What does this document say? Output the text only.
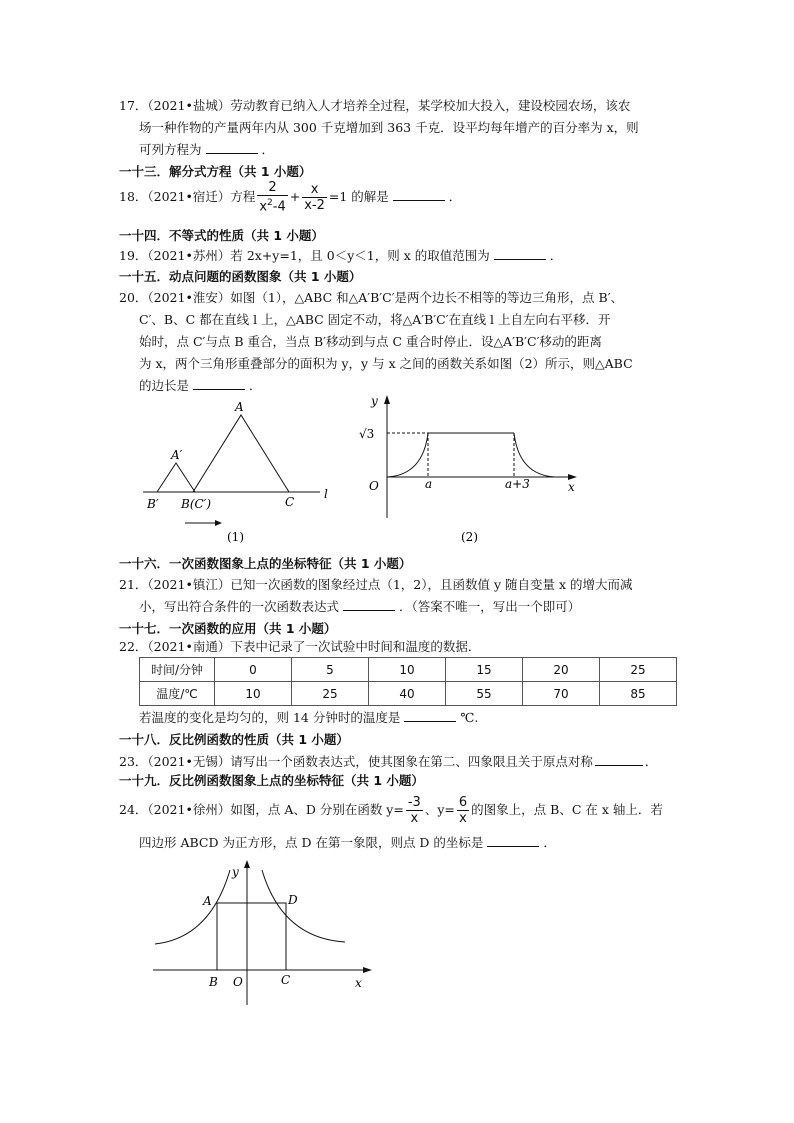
17．（2021•盐城）劳动教育已纳入人才培养全过程，某学校加大投入，建设校园农场，该农
场一种作物的产量两年内从 300 千克增加到 363 千克．设平均每年增产的百分率为 x，则
可列方程为	．
一十三．解分式方程（共 1 小题）
18．（2021•宿迁）方程 $\frac{2}{x^2-4} + \frac{x}{x-2} =1$ 的解是	．
一十四．不等式的性质（共 1 小题）
19．（2021•苏州）若 2x+y=1，且 0＜y＜1，则 x 的取值范围为	．
一十五．动点问题的函数图象（共 1 小题）
20．（2021•淮安）如图（1），△ABC 和△A′B′C′是两个边长不相等的等边三角形，点 B′、
C′、B、C 都在直线 l 上，△ABC 固定不动，将△A′B′C′在直线 l 上自左向右平移．开
始时，点 C′与点 B 重合，当点 B′移动到与点 C 重合时停止．设△A′B′C′移动的距离
为 x，两个三角形重叠部分的面积为 y，y 与 x 之间的函数关系如图（2）所示，则△ABC
的边长是	．
A
A′
B′ B(C′)	C
l
(1)
y
√3
O	a	a+3	x
(2)
一十六．一次函数图象上点的坐标特征（共 1 小题）
21．（2021•镇江）已知一次函数的图象经过点（1，2），且函数值 y 随自变量 x 的增大而减
小，写出符合条件的一次函数表达式	．（答案不唯一，写出一个即可）
一十七．一次函数的应用（共 1 小题）
22．（2021•南通）下表中记录了一次试验中时间和温度的数据．
时间/分钟	0	5	10	15	20	25
温度/℃	10	25	40	55	70	85
若温度的变化是均匀的，则 14 分钟时的温度是	℃.
一十八．反比例函数的性质（共 1 小题）
23．（2021•无锡）请写出一个函数表达式，使其图象在第二、四象限且关于原点对称	．
一十九．反比例函数图象上点的坐标特征（共 1 小题）
24．（2021•徐州）如图，点 A、D 分别在函数 $y= \frac{-3}{x}$ 、$y= \frac{6}{x}$ 的图象上，点 B、C 在 x 轴上．若
四边形 ABCD 为正方形，点 D 在第一象限，则点 D 的坐标是	．
y
A	D
B O	C	x
